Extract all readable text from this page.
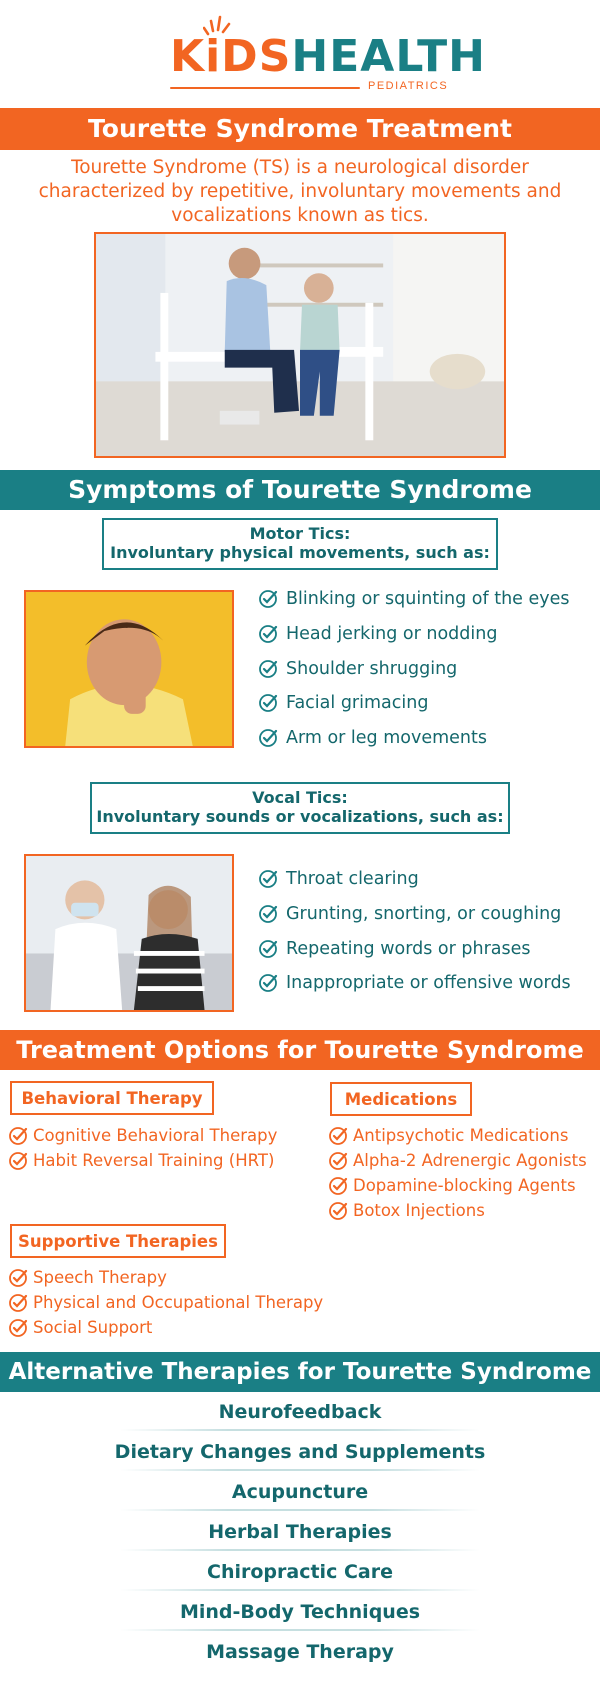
KiDSHEALTH
PEDIATRICS
Tourette Syndrome Treatment
Tourette Syndrome (TS) is a neurological disorder characterized by repetitive, involuntary movements and vocalizations known as tics.
Symptoms of Tourette Syndrome
Motor Tics:
Involuntary physical movements, such as:
Blinking or squinting of the eyes
Head jerking or nodding
Shoulder shrugging
Facial grimacing
Arm or leg movements
Vocal Tics:
Involuntary sounds or vocalizations, such as:
Throat clearing
Grunting, snorting, or coughing
Repeating words or phrases
Inappropriate or offensive words
Treatment Options for Tourette Syndrome
Behavioral Therapy
Cognitive Behavioral Therapy
Habit Reversal Training (HRT)
Medications
Antipsychotic Medications
Alpha-2 Adrenergic Agonists
Dopamine-blocking Agents
Botox Injections
Supportive Therapies
Speech Therapy
Physical and Occupational Therapy
Social Support
Alternative Therapies for Tourette Syndrome
Neurofeedback
Dietary Changes and Supplements
Acupuncture
Herbal Therapies
Chiropractic Care
Mind-Body Techniques
Massage Therapy
